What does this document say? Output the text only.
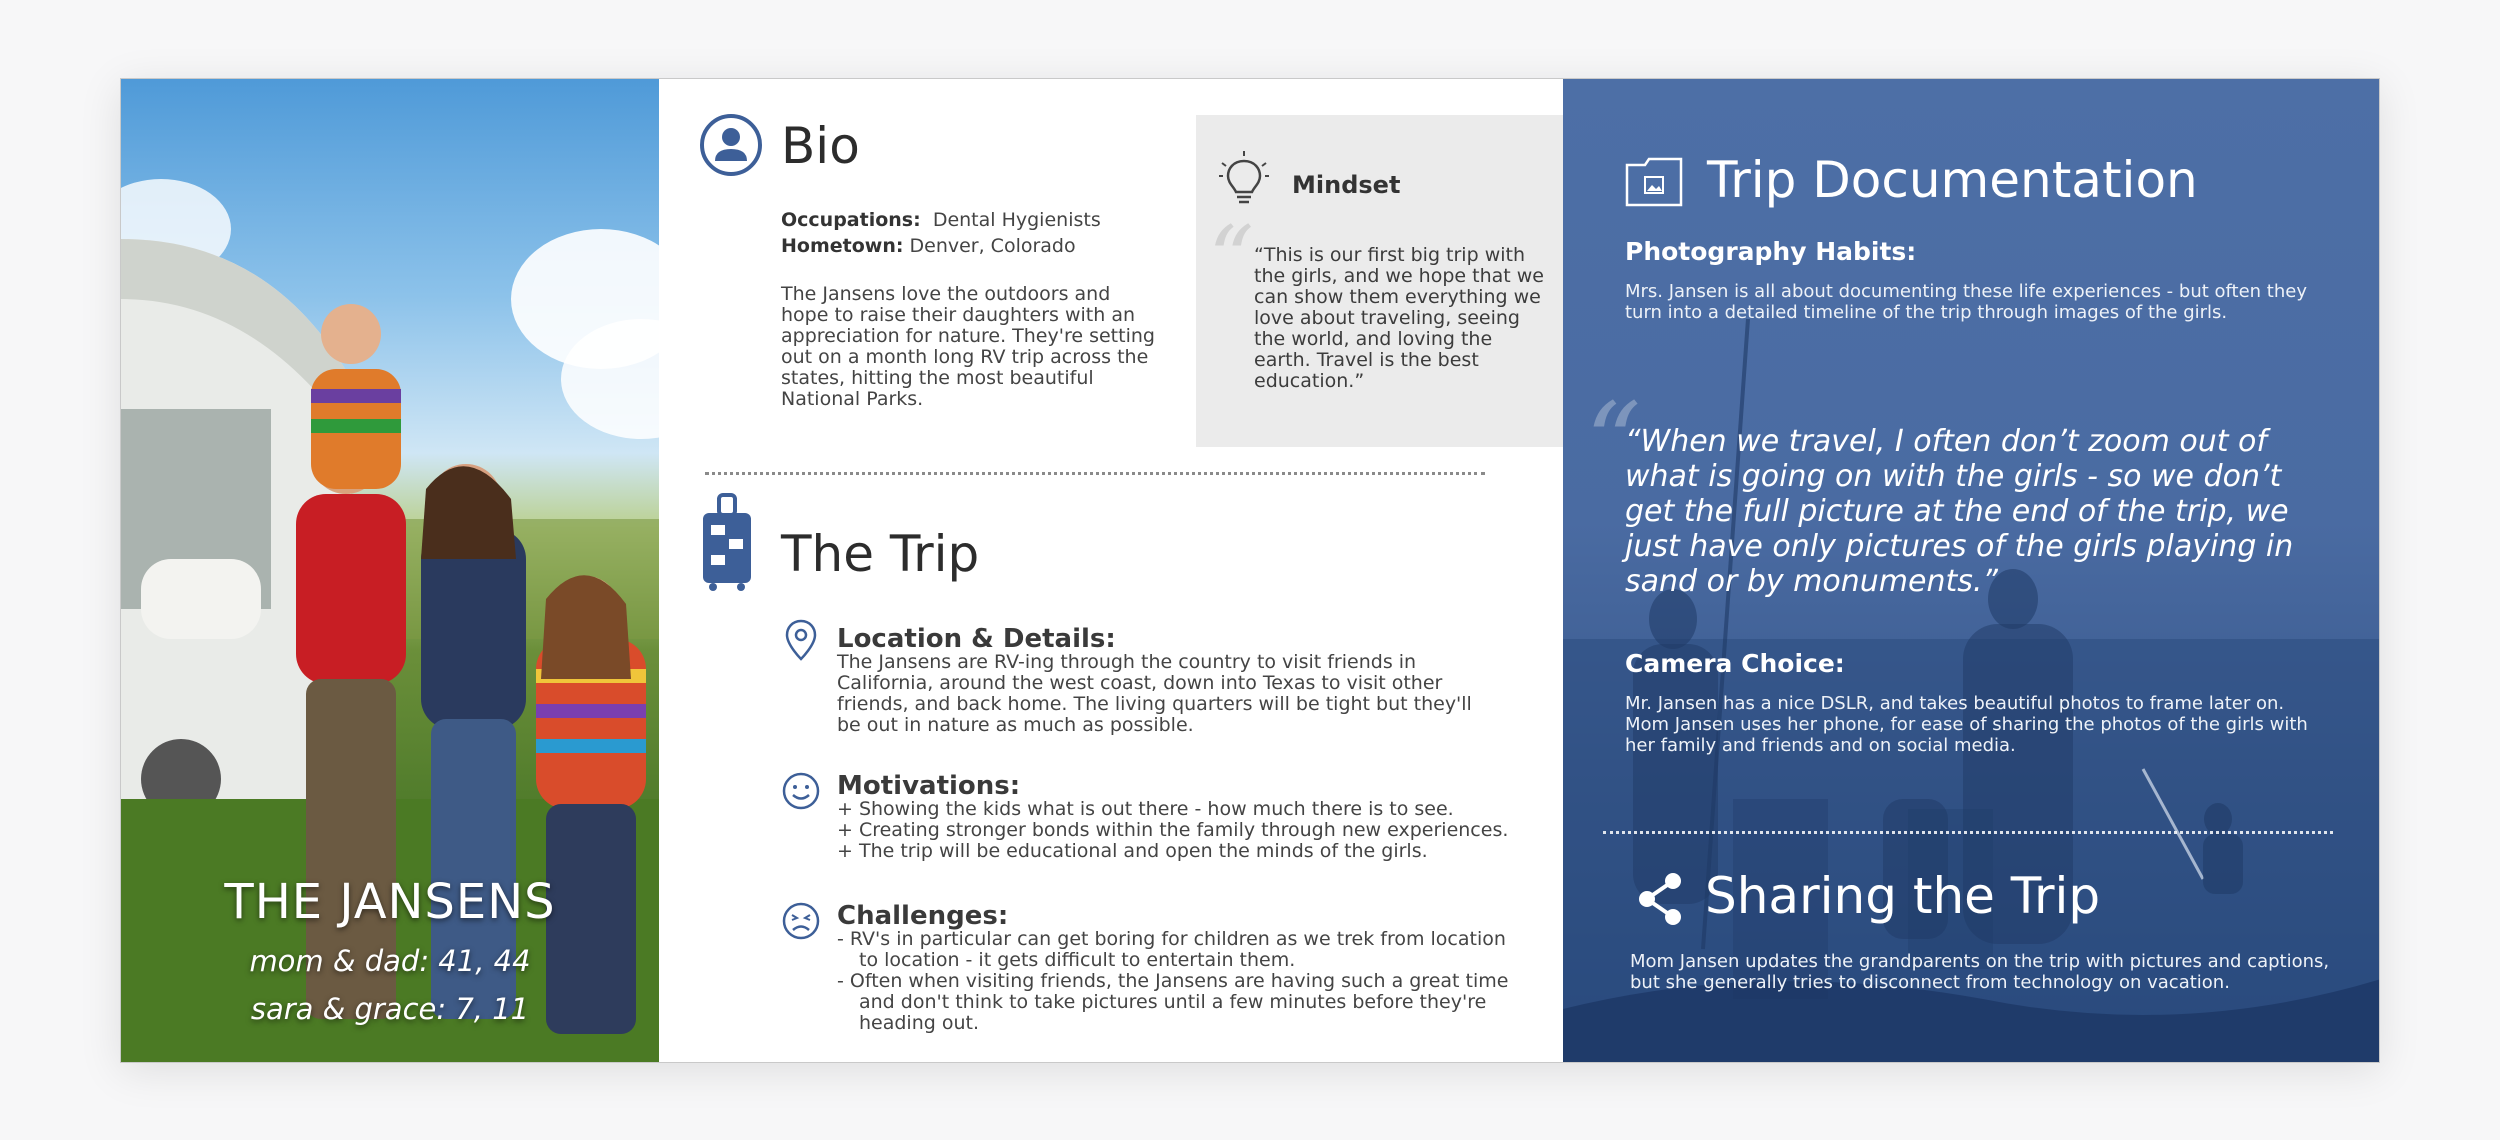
THE JANSENS
mom & dad: 41, 44
sara & grace: 7, 11
Bio
Occupations: Dental Hygienists
Hometown: Denver, Colorado
The Jansens love the outdoors and hope to raise their daughters with an appreciation for nature. They're setting out on a month long RV trip across the states, hitting the most beautiful National Parks.
Mindset
“ “This is our first big trip with the girls, and we hope that we can show them everything we love about traveling, seeing the world, and loving the earth. Travel is the best education.”
The Trip
Location & Details:
The Jansens are RV-ing through the country to visit friends in California, around the west coast, down into Texas to visit other friends, and back home. The living quarters will be tight but they'll be out in nature as much as possible.
Motivations:
+ Showing the kids what is out there - how much there is to see.
+ Creating stronger bonds within the family through new experiences.
+ The trip will be educational and open the minds of the girls.
Challenges:
- RV's in particular can get boring for children as we trek from location to location - it gets difficult to entertain them.
- Often when visiting friends, the Jansens are having such a great time and don't think to take pictures until a few minutes before they're heading out.
Trip Documentation
Photography Habits:
Mrs. Jansen is all about documenting these life experiences - but often they turn into a detailed timeline of the trip through images of the girls.
“
“When we travel, I often don’t zoom out of what is going on with the girls - so we don’t get the full picture at the end of the trip, we just have only pictures of the girls playing in sand or by monuments.”
Camera Choice:
Mr. Jansen has a nice DSLR, and takes beautiful photos to frame later on. Mom Jansen uses her phone, for ease of sharing the photos of the girls with her family and friends and on social media.
Sharing the Trip
Mom Jansen updates the grandparents on the trip with pictures and captions, but she generally tries to disconnect from technology on vacation.
